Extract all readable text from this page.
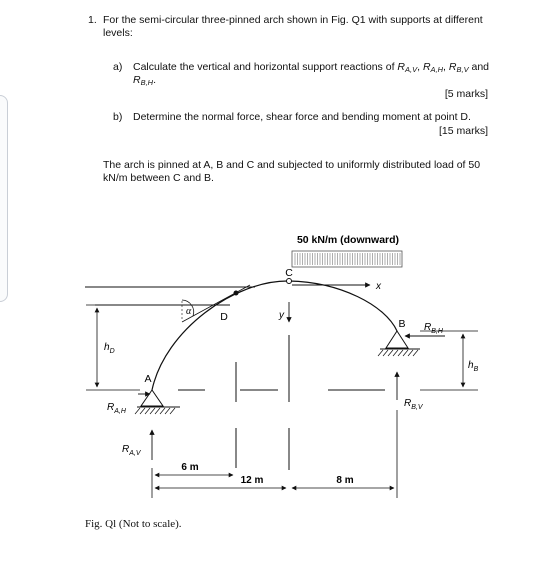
1. For the semi-circular three-pinned arch shown in Fig. Q1 with supports at different levels:
a) Calculate the vertical and horizontal support reactions of $R_{A,V}$, $R_{A,H}$, $R_{B,V}$ and $R_{B,H}$.
[5 marks]
b) Determine the normal force, shear force and bending moment at point D.
[15 marks]
The arch is pinned at A, B and C and subjected to uniformly distributed load of 50 kN/m between C and B.
50 kN/m (downward)
$h_D$
$h_B$
C
D
A
B
α
x
y
$R_{A,H}$
$R_{A,V}$
$R_{B,H}$
$R_{B,V}$
6 m
12 m	8 m
Fig. Ql (Not to scale).
